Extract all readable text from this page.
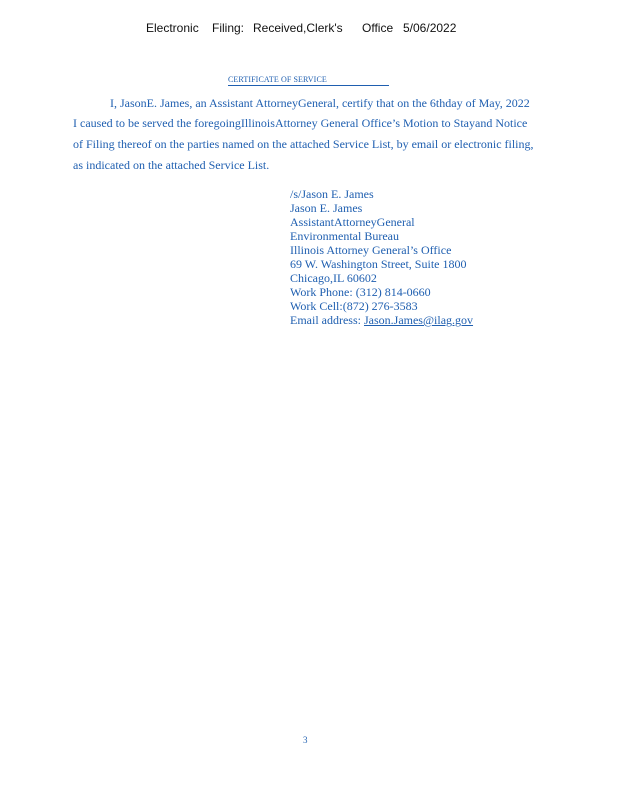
Electronic Filing: Received,Clerk's Office 5/06/2022
CERTIFICATE OF SERVICE
I, JasonE. James, an Assistant AttorneyGeneral, certify that on the 6thday of May, 2022
I caused to be served the foregoingIllinoisAttorney General Office’s Motion to Stayand Notice
of Filing thereof on the parties named on the attached Service List, by email or electronic filing,
as indicated on the attached Service List.
/s/Jason E. James
Jason E. James
AssistantAttorneyGeneral
Environmental Bureau
Illinois Attorney General’s Office
69 W. Washington Street, Suite 1800
Chicago,IL 60602
Work Phone: (312) 814-0660
Work Cell:(872) 276-3583
Email address: Jason.James@ilag.gov
3
